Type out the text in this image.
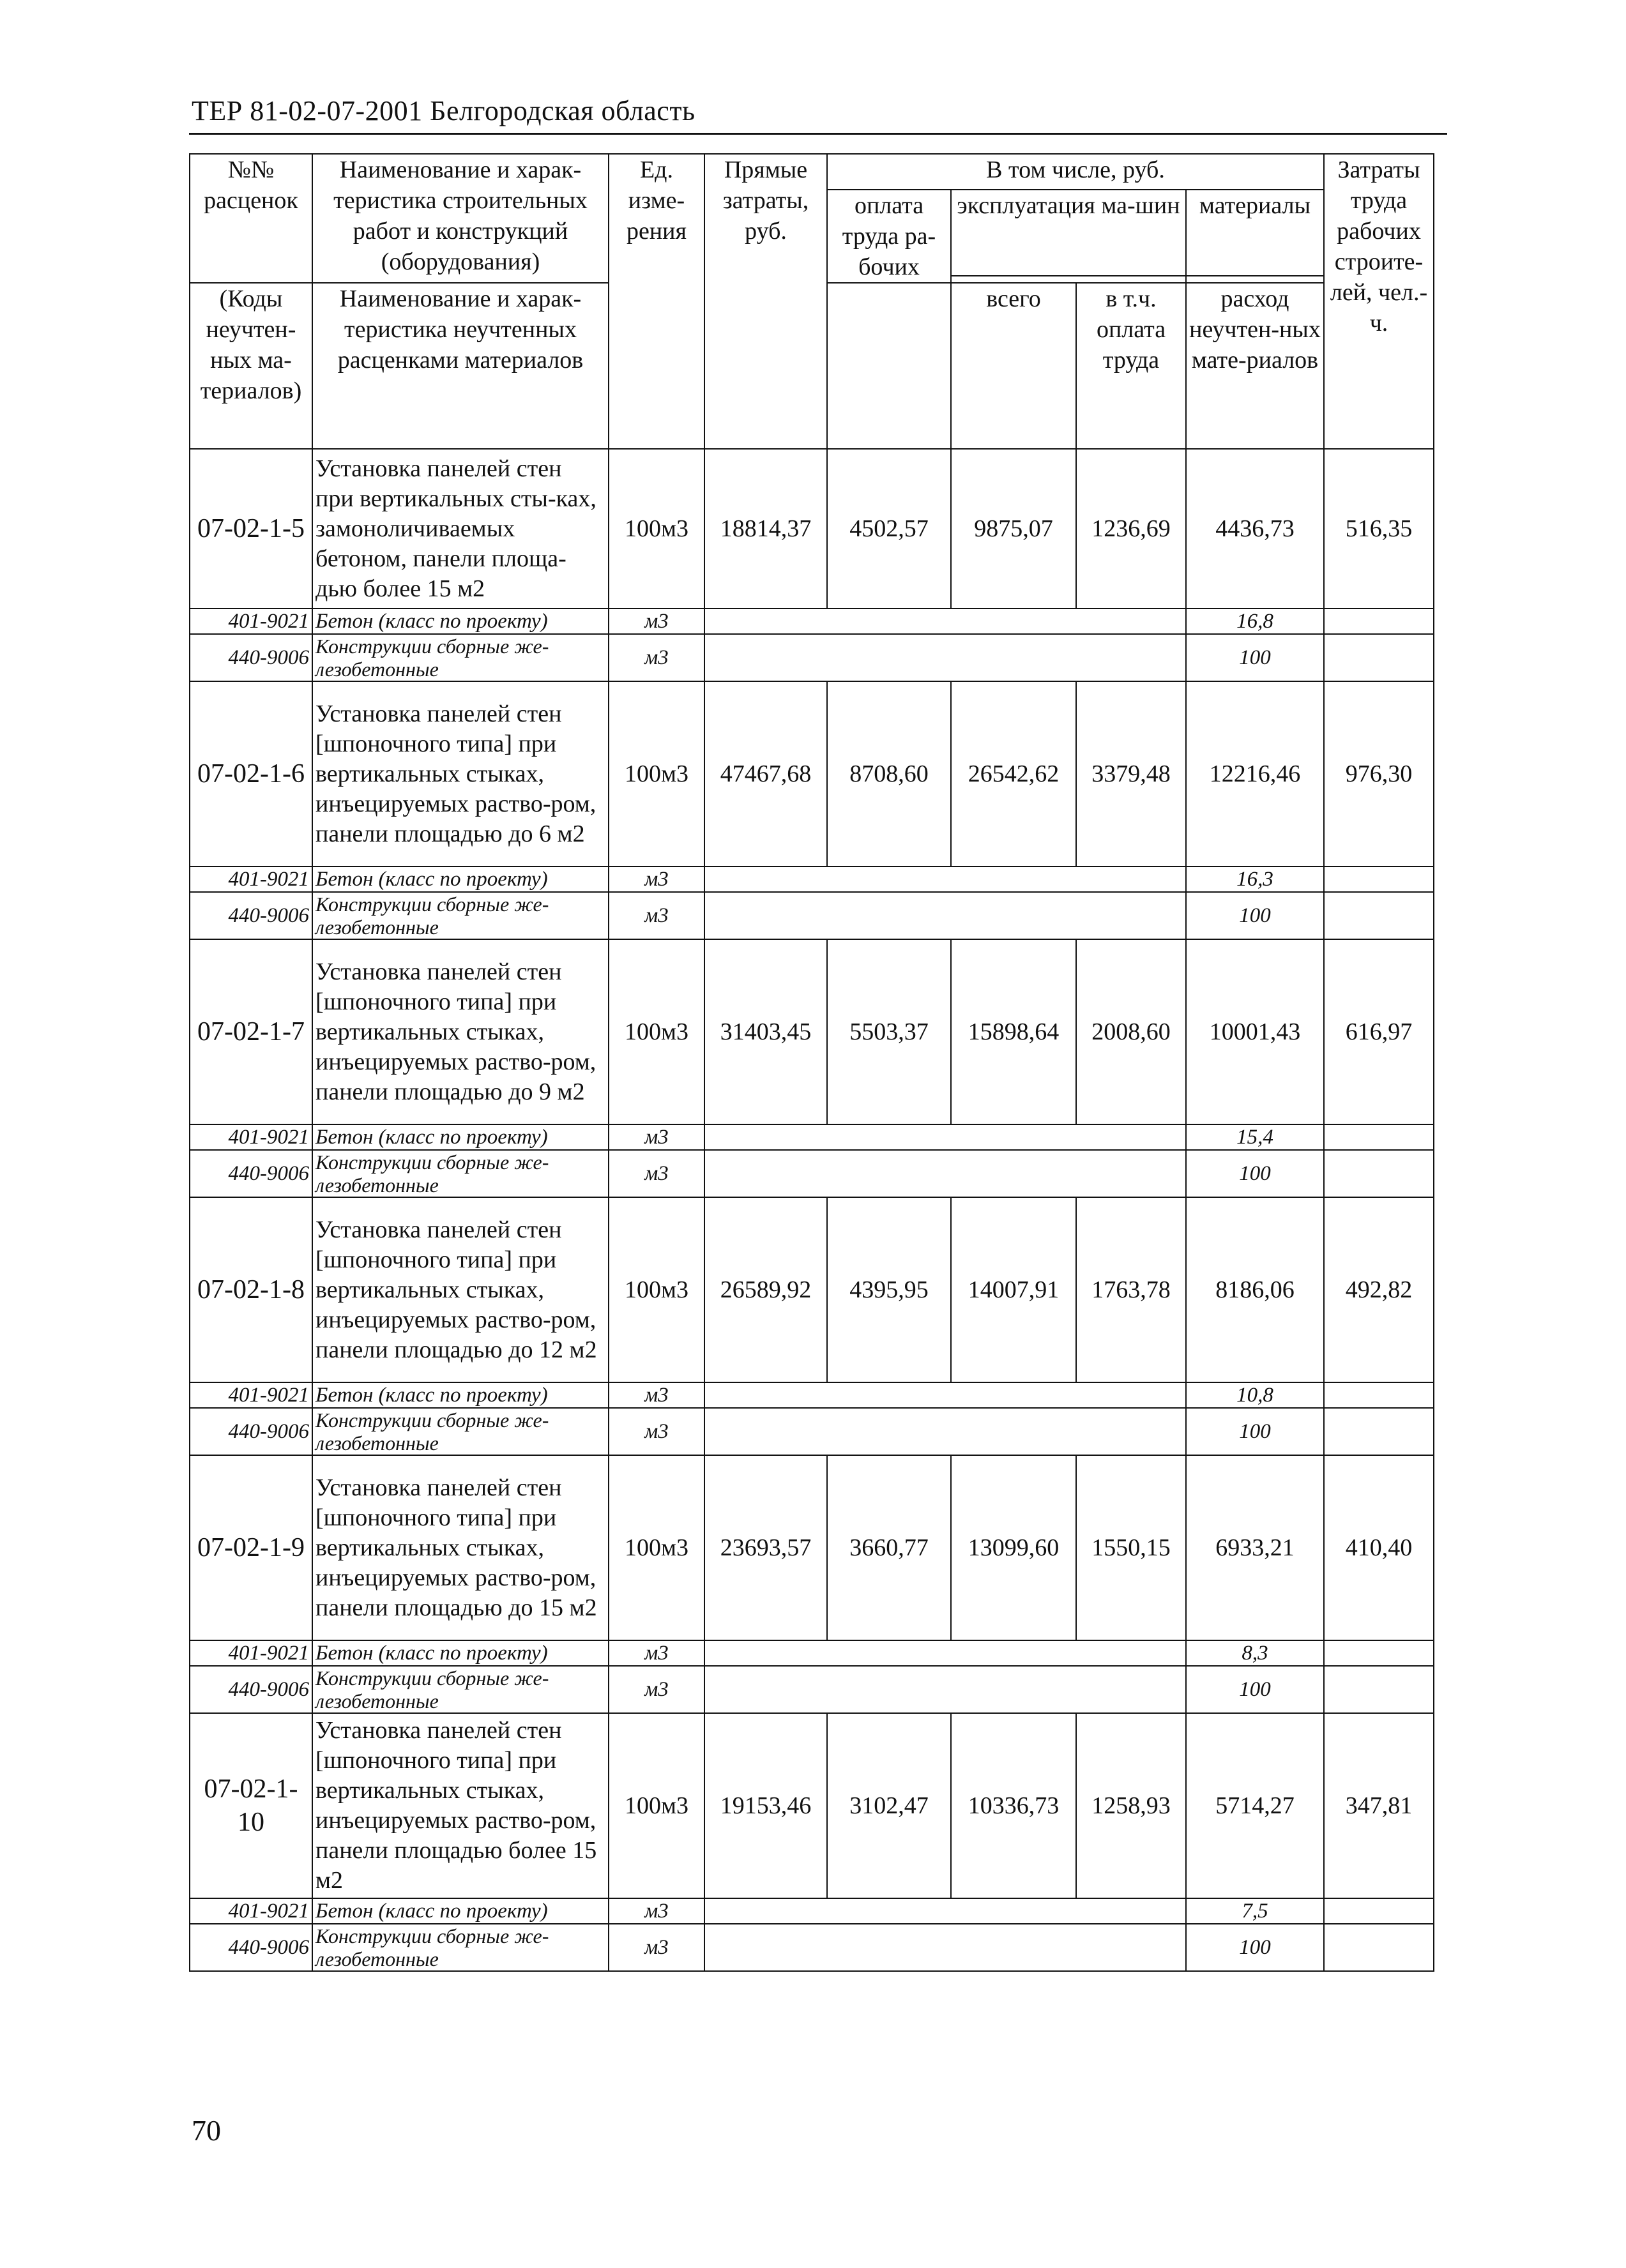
ТЕР 81-02-07-2001 Белгородская область
№№ расценок	Наименование и харак-теристика строительных работ и конструкций (оборудования)	Ед. изме-рения	Прямые затраты, руб.	В том числе, руб.				Затраты труда рабочих строите-лей, чел.-ч.
				оплата труда ра-бочих	эксплуатация ма-шин		материалы	

(Коды неучтен-ных ма-териалов)	Наименование и харак-теристика неучтенных расценками материалов				всего	в т.ч. оплата труда	расход неучтен-ных мате-риалов	

07-02-1-5	Установка панелей стен при вертикальных сты-ках, замоноличиваемых бетоном, панели площа-дью более 15 м2	100м3	18814,37	4502,57	9875,07	1236,69	4436,73	516,35
401-9021	Бетон (класс по проекту)	м3					16,8	
440-9006	Конструкции сборные же-лезобетонные	м3					100	
07-02-1-6	Установка панелей стен [шпоночного типа] при вертикальных стыках, инъецируемых раство-ром, панели площадью до 6 м2	100м3	47467,68	8708,60	26542,62	3379,48	12216,46	976,30
401-9021	Бетон (класс по проекту)	м3					16,3	
440-9006	Конструкции сборные же-лезобетонные	м3					100	
07-02-1-7	Установка панелей стен [шпоночного типа] при вертикальных стыках, инъецируемых раство-ром, панели площадью до 9 м2	100м3	31403,45	5503,37	15898,64	2008,60	10001,43	616,97
401-9021	Бетон (класс по проекту)	м3					15,4	
440-9006	Конструкции сборные же-лезобетонные	м3					100	
07-02-1-8	Установка панелей стен [шпоночного типа] при вертикальных стыках, инъецируемых раство-ром, панели площадью до 12 м2	100м3	26589,92	4395,95	14007,91	1763,78	8186,06	492,82
401-9021	Бетон (класс по проекту)	м3					10,8	
440-9006	Конструкции сборные же-лезобетонные	м3					100	
07-02-1-9	Установка панелей стен [шпоночного типа] при вертикальных стыках, инъецируемых раство-ром, панели площадью до 15 м2	100м3	23693,57	3660,77	13099,60	1550,15	6933,21	410,40
401-9021	Бетон (класс по проекту)	м3					8,3	
440-9006	Конструкции сборные же-лезобетонные	м3					100	
07-02-1-10	Установка панелей стен [шпоночного типа] при вертикальных стыках, инъецируемых раство-ром, панели площадью более 15 м2	100м3	19153,46	3102,47	10336,73	1258,93	5714,27	347,81
401-9021	Бетон (класс по проекту)	м3					7,5	
440-9006	Конструкции сборные же-лезобетонные	м3					100	
70
